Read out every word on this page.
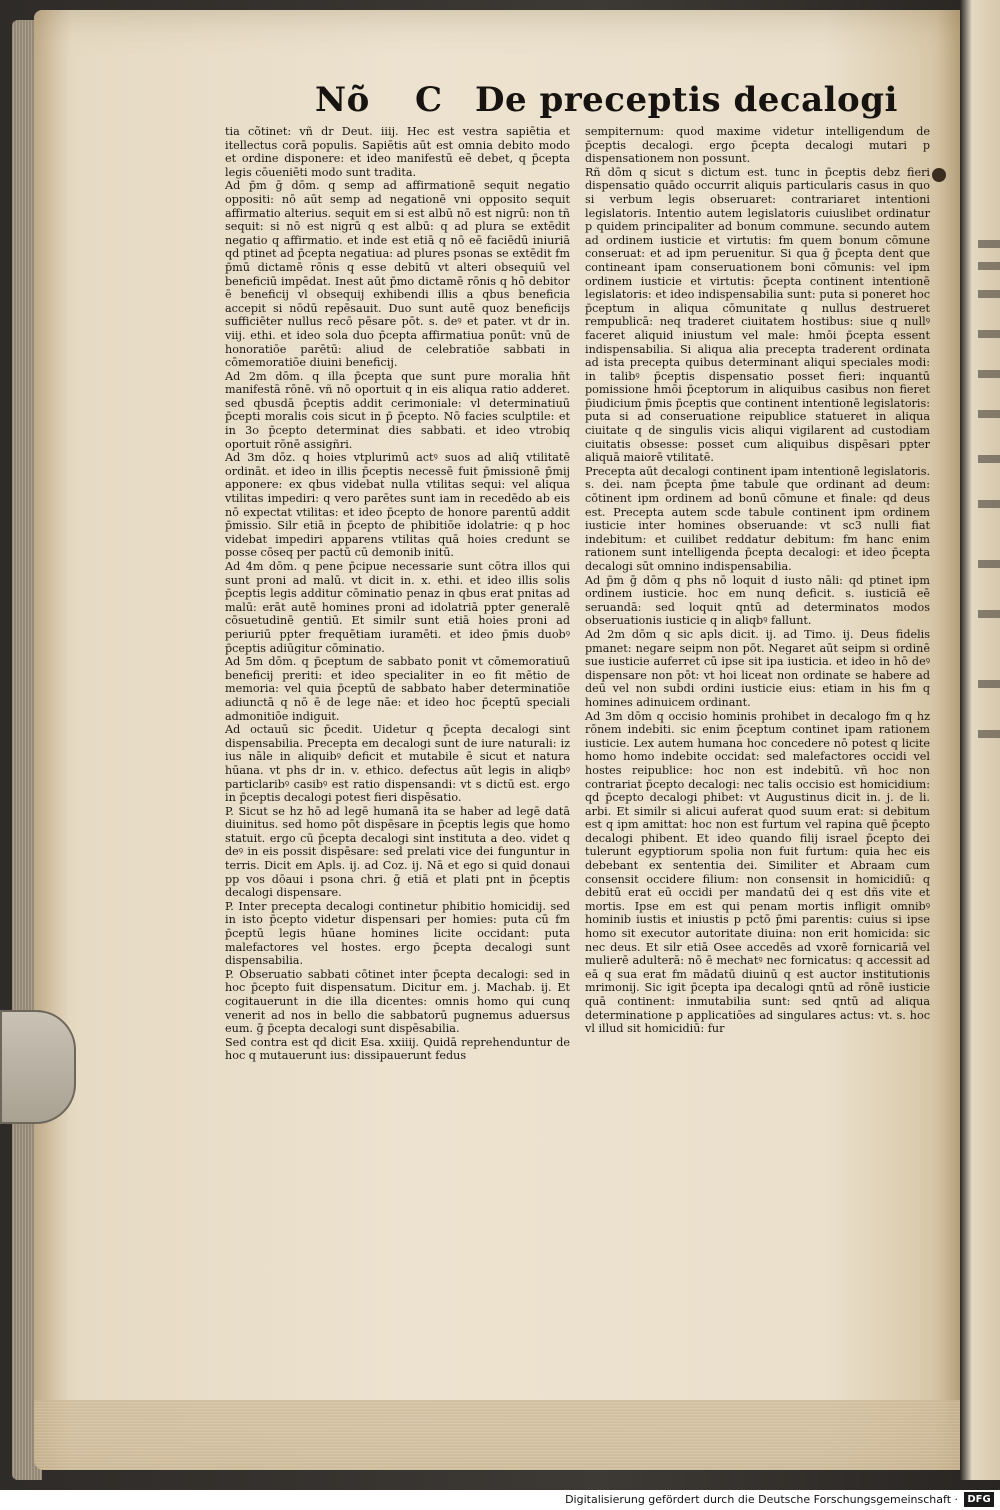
Nõ C De preceptis decalogi

tia cõtinet: vñ dr Deut. iiij. Hec est vestra sapiētia et itellectus corā populis. Sapiētis aūt est omnia debito modo et ordine disponere: et ideo manifestū eē debet, q p̄cepta legis cōueniēti modo sunt tradita.

Ad p̄m ḡ dōm. q semp ad affirmationē sequit negatio oppositi: nō aūt semp ad negationē vni opposito sequit affirmatio alterius. sequit em si est albū nō est nigrū: non tñ sequit: si nō est nigrū q est albū: q ad plura se extēdit negatio q affirmatio. et inde est etiā q nō eē faciēdū iniuriā qd ptinet ad p̄cepta negatiua: ad plures psonas se extēdit fm p̄mū dictamē rōnis q esse debitū vt alteri obsequiū vel beneficiū impēdat. Inest aūt p̄mo dictamē rōnis q hō debitor ē beneficij vl obsequij exhibendi illis a qbus beneficia accepit si nōdū repēsauit. Duo sunt autē quoz beneficijs sufficiēter nullus recō pēsare pōt. s. deꝰ et pater. vt dr in. viij. ethi. et ideo sola duo p̄cepta affirmatiua ponūt: vnū de honoratiōe parētū: aliud de celebratiōe sabbati in cōmemoratiōe diuini beneficij.

Ad 2m dōm. q illa p̄cepta que sunt pure moralia hñt manifestā rōnē. vñ nō oportuit q in eis aliqua ratio adderet. sed qbusdā p̄ceptis addit cerimoniale: vl determinatiuū p̄cepti moralis cois sicut in p̄ p̄cepto. Nō facies sculptile: et in 3o p̄cepto determinat dies sabbati. et ideo vtrobiq oportuit rōnē assigñri.

Ad 3m dōz. q hoies vtplurimū actꝰ suos ad aliq̄ vtilitatē ordināt. et ideo in illis p̄ceptis necessē fuit p̄missionē p̄mij apponere: ex qbus videbat nulla vtilitas sequi: vel aliqua vtilitas impediri: q vero parētes sunt iam in recedēdo ab eis nō expectat vtilitas: et ideo p̄cepto de honore parentū addit p̄missio. Silr etiā in p̄cepto de phibitiōe idolatrie: q p hoc videbat impediri apparens vtilitas quā hoies credunt se posse cōseq per pactū cū demonib initū.

Ad 4m dōm. q pene p̄cipue necessarie sunt cōtra illos qui sunt proni ad malū. vt dicit in. x. ethi. et ideo illis solis p̄ceptis legis additur cōminatio penaz in qbus erat pnitas ad malū: erāt autē homines proni ad idolatriā ppter generalē cōsuetudinē gentiū. Et similr sunt etiā hoies proni ad periuriū ppter frequētiam iuramēti. et ideo p̄mis duobꝰ p̄ceptis adiūgitur cōminatio.

Ad 5m dōm. q p̄ceptum de sabbato ponit vt cōmemoratiuū beneficij preriti: et ideo specialiter in eo fit mētio de memoria: vel quia p̄ceptū de sabbato haber determinatiōe adiunctā q nō ē de lege nāe: et ideo hoc p̄ceptū speciali admonitiōe indiguit.

Ad octauū sic p̄cedit. Uidetur q p̄cepta decalogi sint dispensabilia. Precepta em decalogi sunt de iure naturali: iz ius nāle in aliquibꝰ deficit et mutabile ē sicut et natura hūana. vt phs dr in. v. ethico. defectus aūt legis in aliqbꝰ particlaribꝰ casibꝰ est ratio dispensandi: vt s dictū est. ergo in p̄ceptis decalogi potest fieri dispēsatio.

P. Sicut se hz hō ad legē humanā ita se haber ad legē datā diuinitus. sed homo pōt dispēsare in p̄ceptis legis que homo statuit. ergo cū p̄cepta decalogi sint instituta a deo. videt q deꝰ in eis possit dispēsare: sed prelati vice dei funguntur in terris. Dicit em Apls. ij. ad Coz. ij. Nā et ego si quid donaui pp vos dōaui i psona chri. ḡ etiā et plati pnt in p̄ceptis decalogi dispensare.

P. Inter precepta decalogi continetur phibitio homicidij. sed in isto p̄cepto videtur dispensari per homies: puta cū fm p̄ceptū legis hūane homines licite occidant: puta malefactores vel hostes. ergo p̄cepta decalogi sunt dispensabilia.

P. Obseruatio sabbati cōtinet inter p̄cepta decalogi: sed in hoc p̄cepto fuit dispensatum. Dicitur em. j. Machab. ij. Et cogitauerunt in die illa dicentes: omnis homo qui cunq venerit ad nos in bello die sabbatorū pugnemus aduersus eum. ḡ p̄cepta decalogi sunt dispēsabilia.

Sed contra est qd dicit Esa. xxiiij. Quidā reprehenduntur de hoc q mutauerunt ius: dissipauerunt fedus

sempiternum: quod maxime videtur intelligendum de p̄ceptis decalogi. ergo p̄cepta decalogi mutari p dispensationem non possunt.

Rñ dōm q sicut s dictum est. tunc in p̄ceptis debz fieri dispensatio quādo occurrit aliquis particularis casus in quo si verbum legis obseruaret: contrariaret intentioni legislatoris. Intentio autem legislatoris cuiuslibet ordinatur p quidem principaliter ad bonum commune. secundo autem ad ordinem iusticie et virtutis: fm quem bonum cōmune conseruat: et ad ipm peruenitur. Si qua ḡ p̄cepta dent que contineant ipam conseruationem boni cōmunis: vel ipm ordinem iusticie et virtutis: p̄cepta continent intentionē legislatoris: et ideo indispensabilia sunt: puta si poneret hoc p̄ceptum in aliqua cōmunitate q nullus destrueret rempublicā: neq traderet ciuitatem hostibus: siue q nullꝰ faceret aliquid iniustum vel male: hmōi p̄cepta essent indispensabilia. Si aliqua alia precepta traderent ordinata ad ista precepta quibus determinant aliqui speciales modi: in talibꝰ p̄ceptis dispensatio posset fieri: inquantū pomissione hmōi p̄ceptorum in aliquibus casibus non fieret p̄iudicium p̄mis p̄ceptis que continent intentionē legislatoris: puta si ad conseruatione reipublice statueret in aliqua ciuitate q de singulis vicis aliqui vigilarent ad custodiam ciuitatis obsesse: posset cum aliquibus dispēsari ppter aliquā maiorē vtilitatē.

Precepta aūt decalogi continent ipam intentionē legislatoris. s. dei. nam p̄cepta p̄me tabule que ordinant ad deum: cōtinent ipm ordinem ad bonū cōmune et finale: qd deus est. Precepta autem scde tabule continent ipm ordinem iusticie inter homines obseruande: vt sc3 nulli fiat indebitum: et cuilibet reddatur debitum: fm hanc enim rationem sunt intelligenda p̄cepta decalogi: et ideo p̄cepta decalogi sūt omnino indispensabilia.

Ad p̄m ḡ dōm q phs nō loquit d iusto nāli: qd ptinet ipm ordinem iusticie. hoc em nunq deficit. s. iusticiā eē seruandā: sed loquit qntū ad determinatos modos obseruationis iusticie q in aliqbꝰ fallunt.

Ad 2m dōm q sic apls dicit. ij. ad Timo. ij. Deus fidelis pmanet: negare seipm non pōt. Negaret aūt seipm si ordinē sue iusticie auferret cū ipse sit ipa iusticia. et ideo in hō deꝰ dispensare non pōt: vt hoi liceat non ordinate se habere ad deū vel non subdi ordini iusticie eius: etiam in his fm q homines adinuicem ordinant.

Ad 3m dōm q occisio hominis prohibet in decalogo fm q hz rōnem indebiti. sic enim p̄ceptum continet ipam rationem iusticie. Lex autem humana hoc concedere nō potest q licite homo homo indebite occidat: sed malefactores occidi vel hostes reipublice: hoc non est indebitū. vñ hoc non contrariat p̄cepto decalogi: nec talis occisio est homicidium: qd p̄cepto decalogi phibet: vt Augustinus dicit in. j. de li. arbi. Et similr si alicui auferat quod suum erat: si debitum est q ipm amittat: hoc non est furtum vel rapina quē p̄cepto decalogi phibent. Et ideo quando filij israel p̄cepto dei tulerunt egyptiorum spolia non fuit furtum: quia hec eis debebant ex sententia dei. Similiter et Abraam cum consensit occidere filium: non consensit in homicidiū: q debitū erat eū occidi per mandatū dei q est dñs vite et mortis. Ipse em est qui penam mortis infligit omnibꝰ hominib iustis et iniustis p pctō p̄mi parentis: cuius si ipse homo sit executor autoritate diuina: non erit homicida: sic nec deus. Et silr etiā Osee accedēs ad vxorē fornicariā vel mulierē adulterā: nō ē mechatꝰ nec fornicatus: q accessit ad eā q sua erat fm mādatū diuinū q est auctor institutionis mrimonij. Sic igit p̄cepta ipa decalogi qntū ad rōnē iusticie quā continent: inmutabilia sunt: sed qntū ad aliqua determinatione p applicatiōes ad singulares actus: vt. s. hoc vl illud sit homicidiū: fur

Digitalisierung gefördert durch die Deutsche Forschungsgemeinschaft · DFG
